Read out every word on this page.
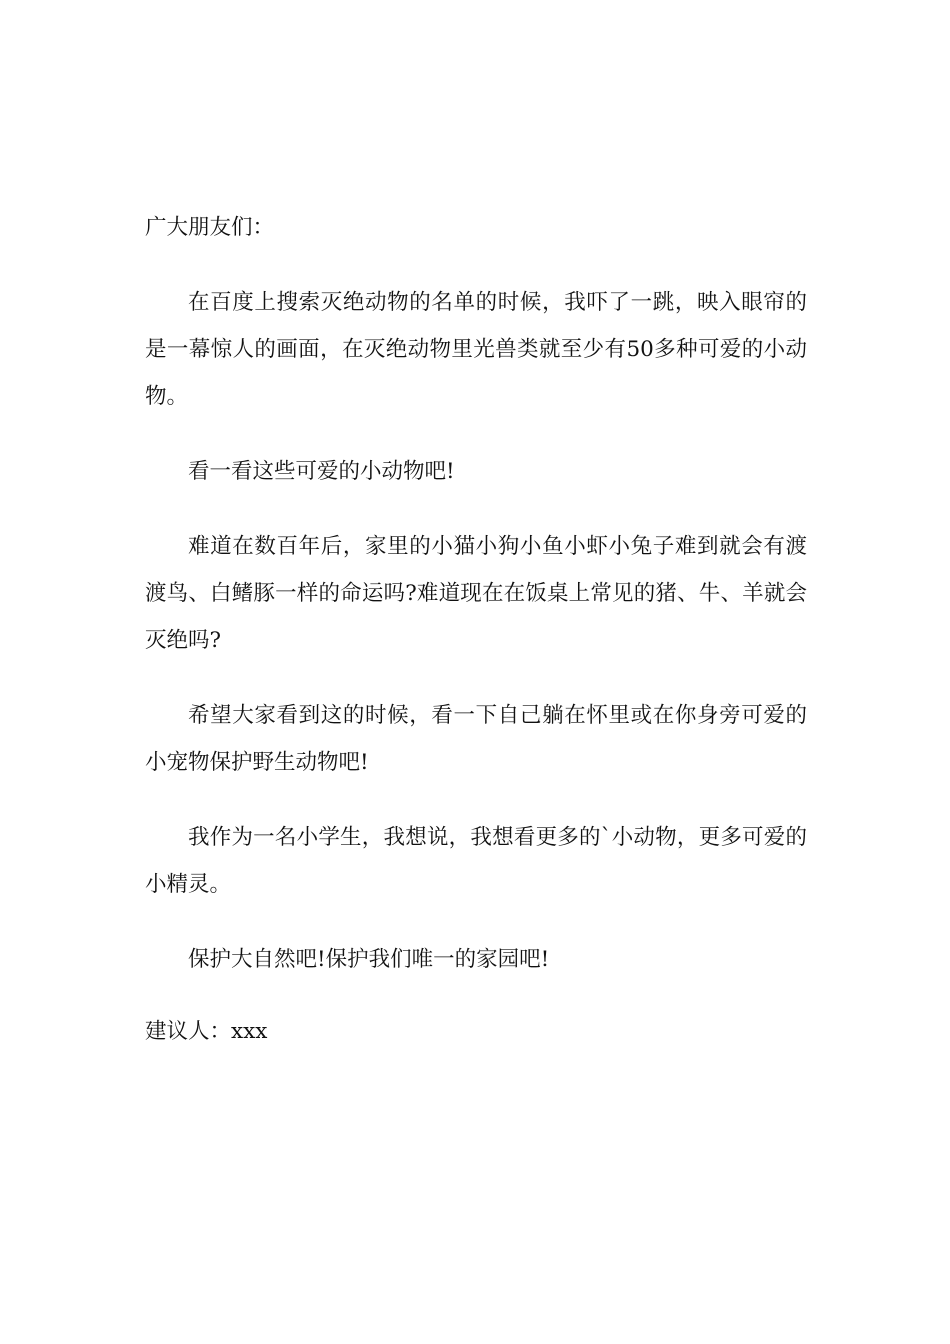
广大朋友们：

在百度上搜索灭绝动物的名单的时候，我吓了一跳，映入眼帘的是一幕惊人的画面，在灭绝动物里光兽类就至少有50多种可爱的小动物。

看一看这些可爱的小动物吧!

难道在数百年后，家里的小猫小狗小鱼小虾小兔子难到就会有渡渡鸟、白鳍豚一样的命运吗?难道现在在饭桌上常见的猪、牛、羊就会灭绝吗?

希望大家看到这的时候，看一下自己躺在怀里或在你身旁可爱的小宠物保护野生动物吧!

我作为一名小学生，我想说，我想看更多的`小动物，更多可爱的小精灵。

保护大自然吧!保护我们唯一的家园吧!

建议人：xxx
